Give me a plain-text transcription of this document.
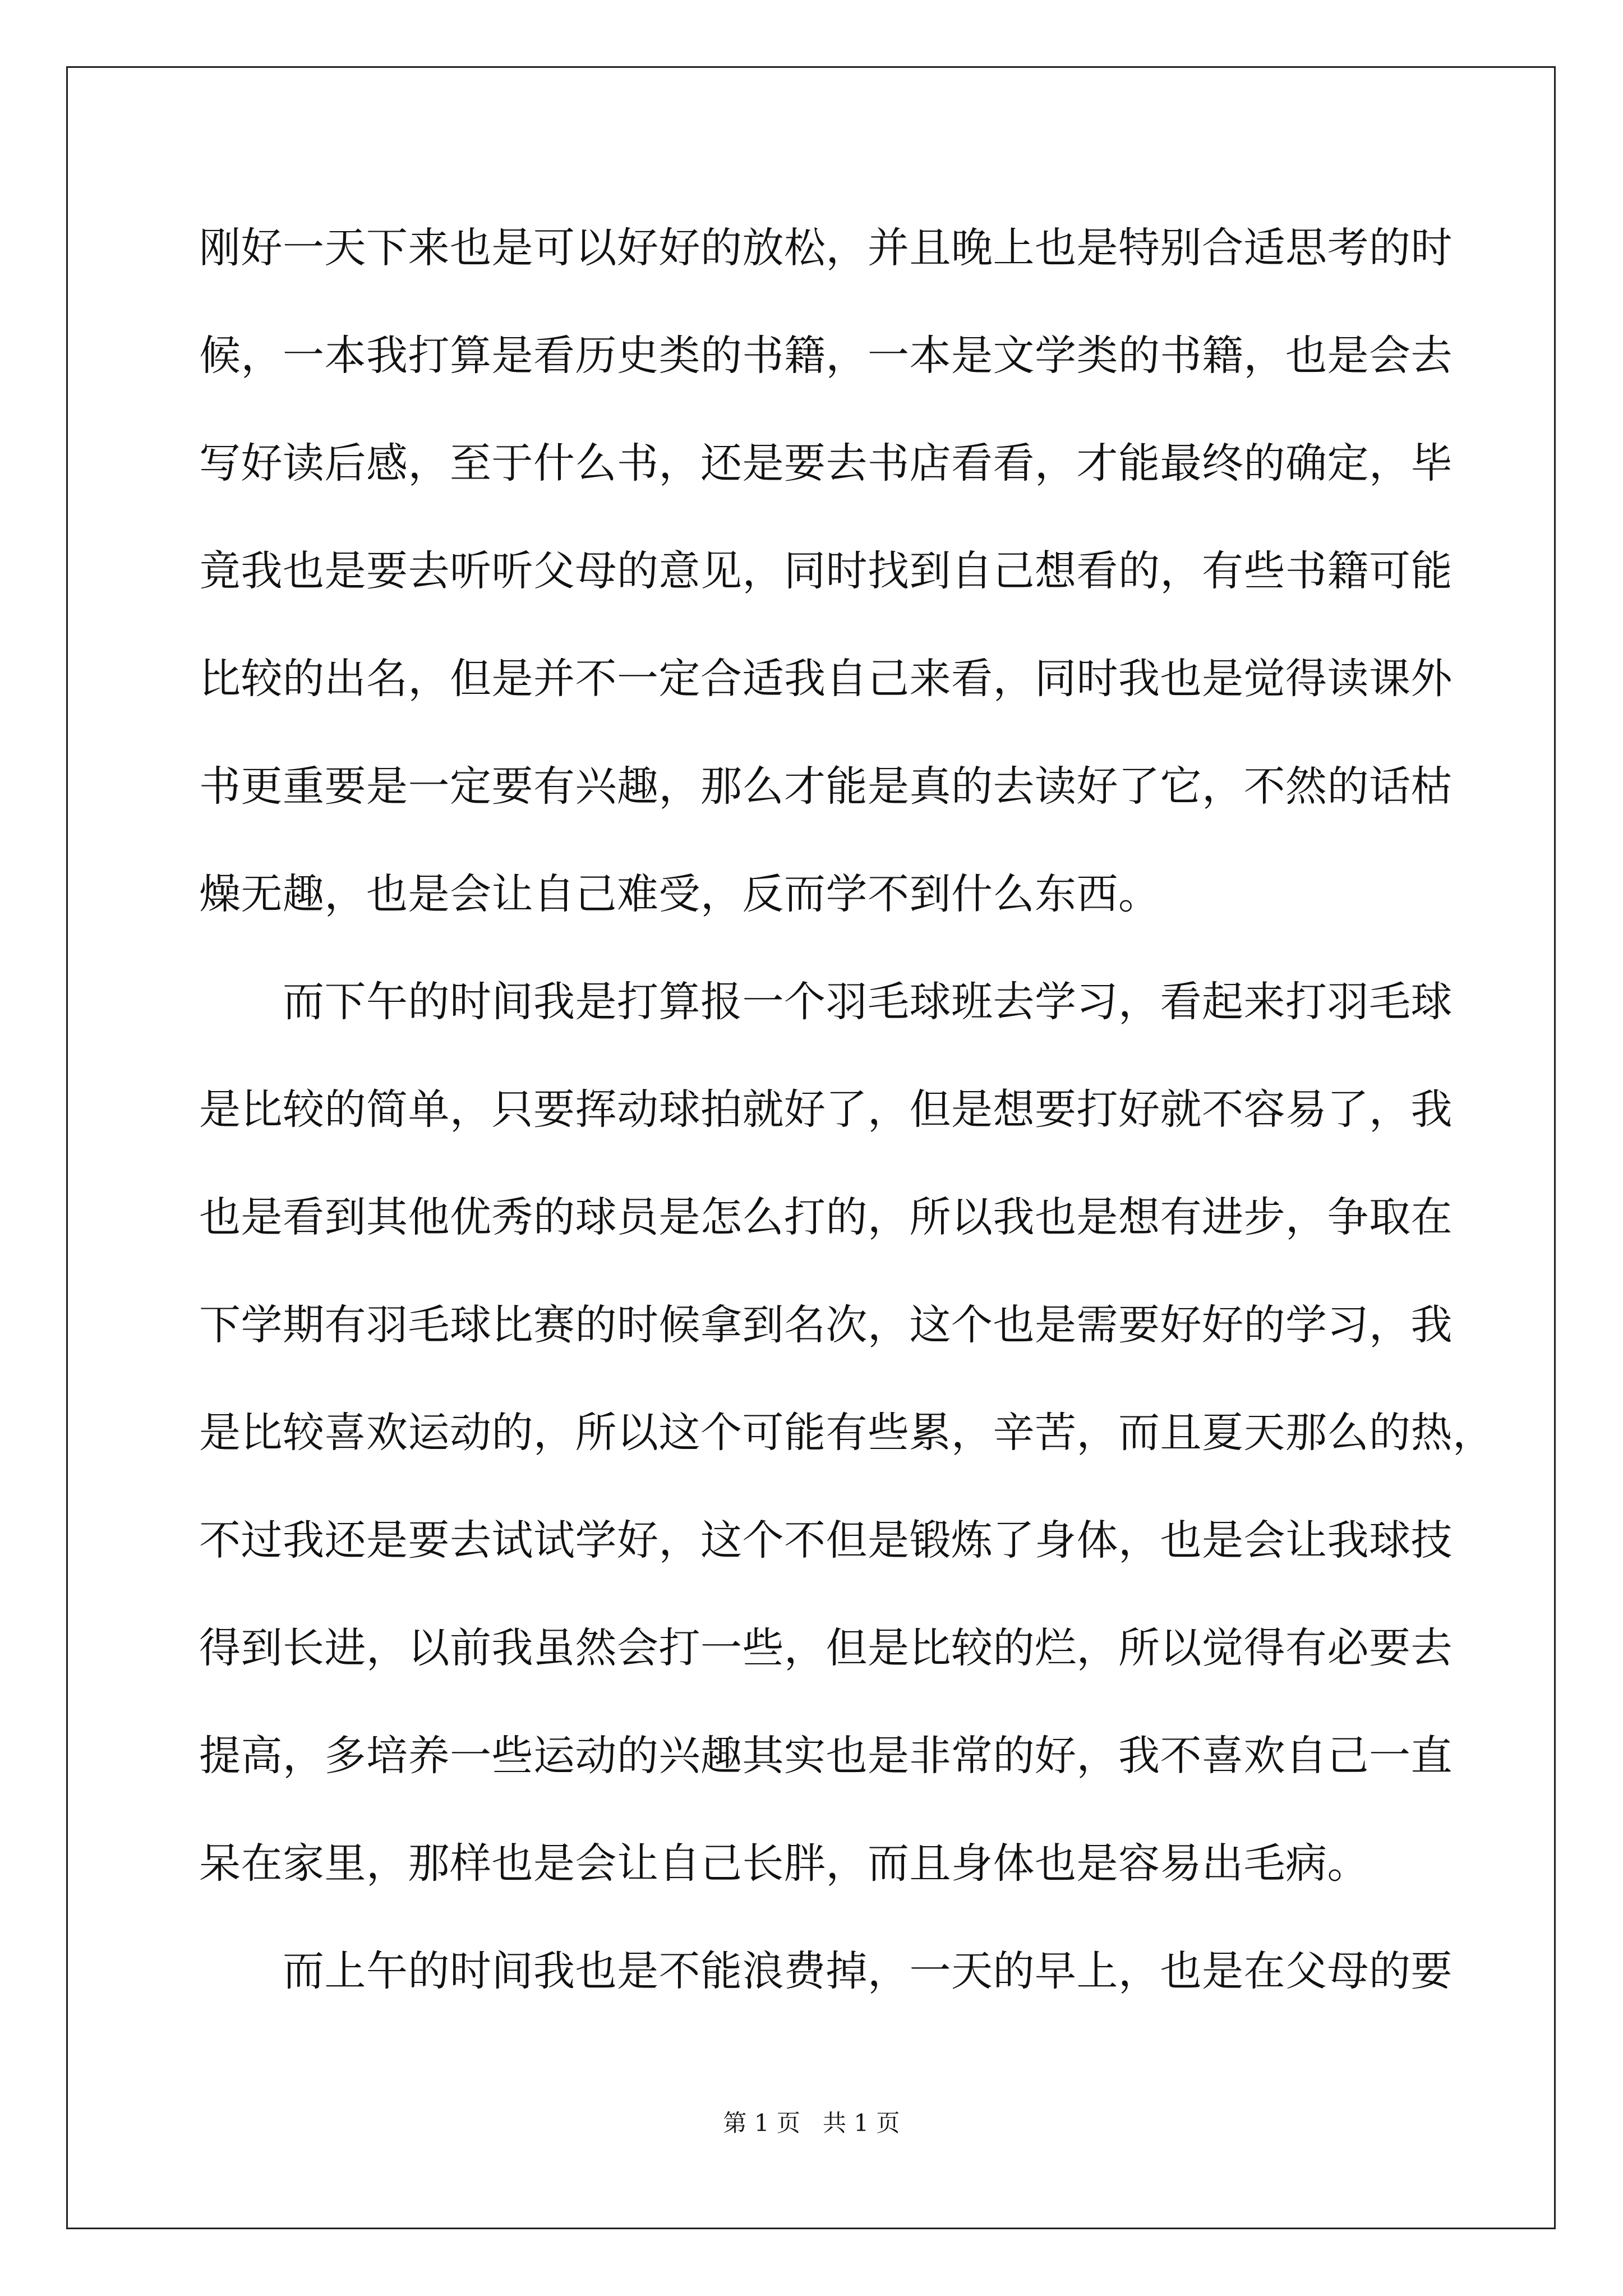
刚好一天下来也是可以好好的放松，并且晚上也是特别合适思考的时
候，一本我打算是看历史类的书籍，一本是文学类的书籍，也是会去
写好读后感，至于什么书，还是要去书店看看，才能最终的确定，毕
竟我也是要去听听父母的意见，同时找到自己想看的，有些书籍可能
比较的出名，但是并不一定合适我自己来看，同时我也是觉得读课外
书更重要是一定要有兴趣，那么才能是真的去读好了它，不然的话枯
燥无趣，也是会让自己难受，反而学不到什么东西。
　　而下午的时间我是打算报一个羽毛球班去学习，看起来打羽毛球
是比较的简单，只要挥动球拍就好了，但是想要打好就不容易了，我
也是看到其他优秀的球员是怎么打的，所以我也是想有进步，争取在
下学期有羽毛球比赛的时候拿到名次，这个也是需要好好的学习，我
是比较喜欢运动的，所以这个可能有些累，辛苦，而且夏天那么的热，
不过我还是要去试试学好，这个不但是锻炼了身体，也是会让我球技
得到长进，以前我虽然会打一些，但是比较的烂，所以觉得有必要去
提高，多培养一些运动的兴趣其实也是非常的好，我不喜欢自己一直
呆在家里，那样也是会让自己长胖，而且身体也是容易出毛病。
　　而上午的时间我也是不能浪费掉，一天的早上，也是在父母的要
第 1 页   共 1 页
